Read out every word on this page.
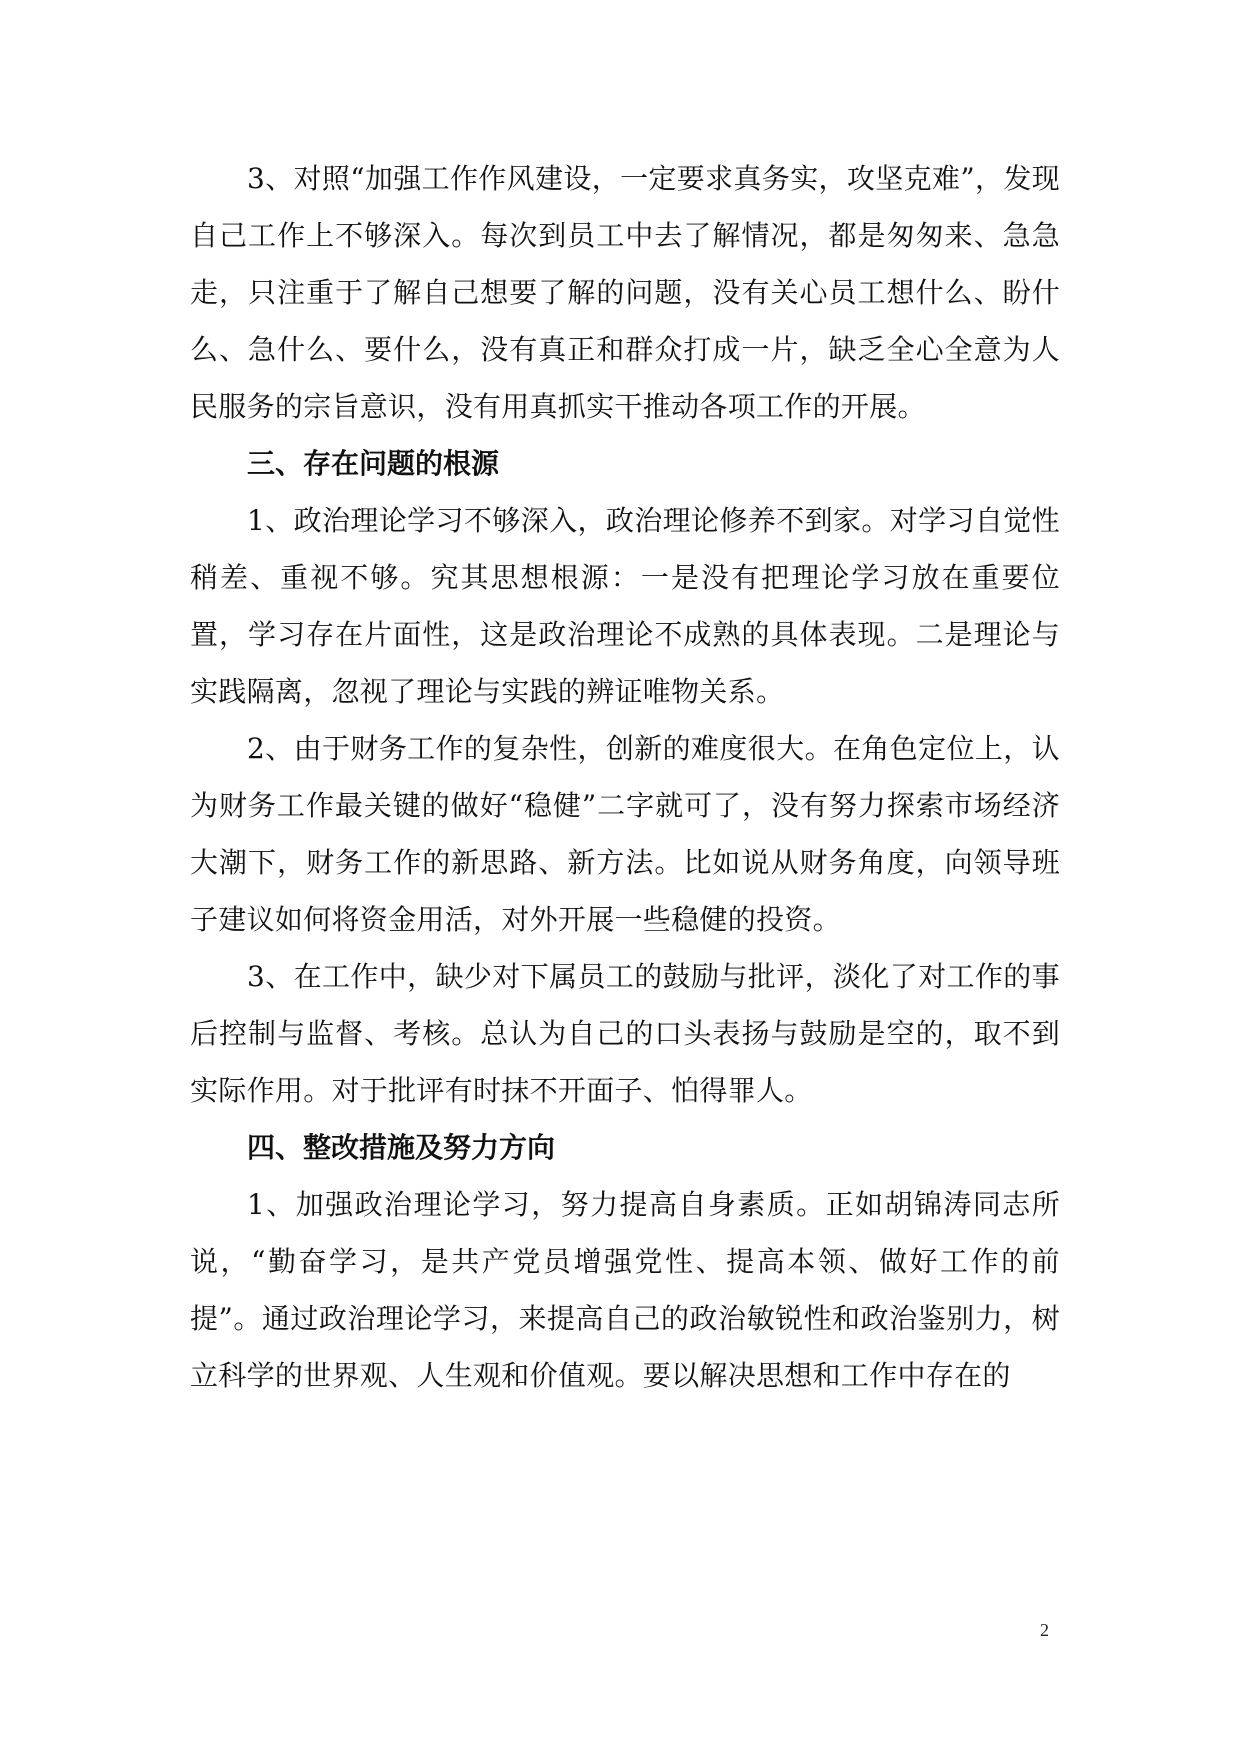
3、对照“加强工作作风建设，一定要求真务实，攻坚克难”，发现自己工作上不够深入。每次到员工中去了解情况，都是匆匆来、急急走，只注重于了解自己想要了解的问题，没有关心员工想什么、盼什么、急什么、要什么，没有真正和群众打成一片，缺乏全心全意为人民服务的宗旨意识，没有用真抓实干推动各项工作的开展。

三、存在问题的根源

1、政治理论学习不够深入，政治理论修养不到家。对学习自觉性稍差、重视不够。究其思想根源：一是没有把理论学习放在重要位置，学习存在片面性，这是政治理论不成熟的具体表现。二是理论与实践隔离，忽视了理论与实践的辨证唯物关系。

2、由于财务工作的复杂性，创新的难度很大。在角色定位上，认为财务工作最关键的做好“稳健”二字就可了，没有努力探索市场经济大潮下，财务工作的新思路、新方法。比如说从财务角度，向领导班子建议如何将资金用活，对外开展一些稳健的投资。

3、在工作中，缺少对下属员工的鼓励与批评，淡化了对工作的事后控制与监督、考核。总认为自己的口头表扬与鼓励是空的，取不到实际作用。对于批评有时抹不开面子、怕得罪人。

四、整改措施及努力方向

1、加强政治理论学习，努力提高自身素质。正如胡锦涛同志所说，“勤奋学习，是共产党员增强党性、提高本领、做好工作的前提”。通过政治理论学习，来提高自己的政治敏锐性和政治鉴别力，树立科学的世界观、人生观和价值观。要以解决思想和工作中存在的

2
